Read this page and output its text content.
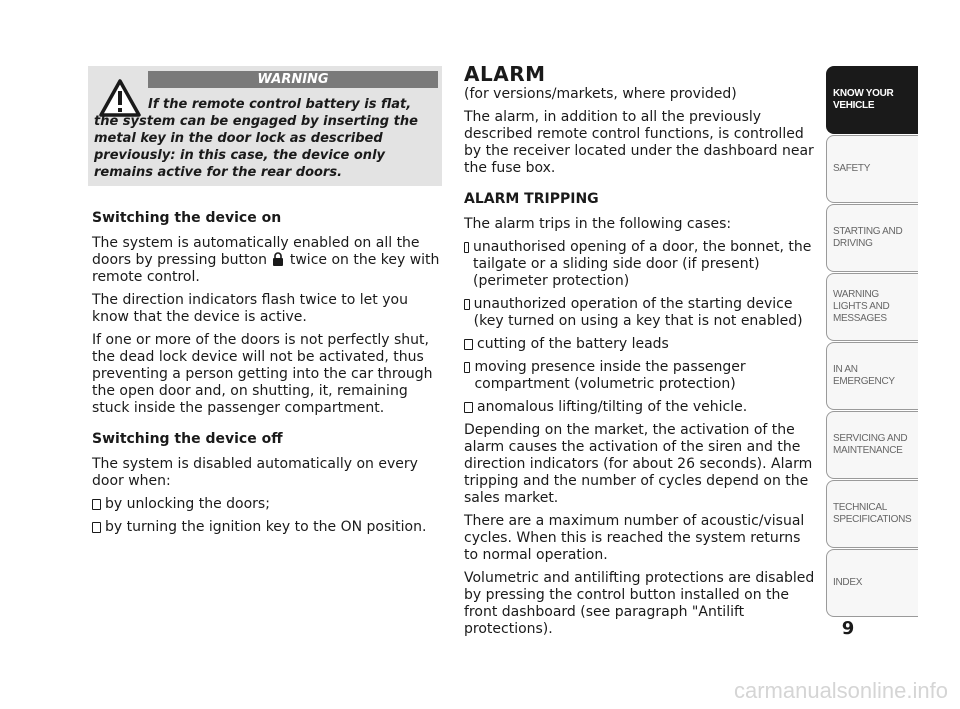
WARNING

If the remote control battery is flat, the system can be engaged by inserting the metal key in the door lock as described previously: in this case, the device only remains active for the rear doors.

Switching the device on

The system is automatically enabled on all the doors by pressing button twice on the key with remote control.

The direction indicators flash twice to let you know that the device is active.

If one or more of the doors is not perfectly shut, the dead lock device will not be activated, thus preventing a person getting into the car through the open door and, on shutting, it, remaining stuck inside the passenger compartment.

Switching the device off

The system is disabled automatically on every door when:

by unlocking the doors;
by turning the ignition key to the ON position.

ALARM

(for versions/markets, where provided)

The alarm, in addition to all the previously described remote control functions, is controlled by the receiver located under the dashboard near the fuse box.

ALARM TRIPPING

The alarm trips in the following cases:

unauthorised opening of a door, the bonnet, the tailgate or a sliding side door (if present) (perimeter protection)
unauthorized operation of the starting device (key turned on using a key that is not enabled)
cutting of the battery leads
moving presence inside the passenger compartment (volumetric protection)
anomalous lifting/tilting of the vehicle.

Depending on the market, the activation of the alarm causes the activation of the siren and the direction indicators (for about 26 seconds). Alarm tripping and the number of cycles depend on the sales market.

There are a maximum number of acoustic/visual cycles. When this is reached the system returns to normal operation.

Volumetric and antilifting protections are disabled by pressing the control button installed on the front dashboard (see paragraph "Antilift protections).

KNOW YOUR VEHICLE
SAFETY
STARTING AND DRIVING
WARNING LIGHTS AND MESSAGES
IN AN EMERGENCY
SERVICING AND MAINTENANCE
TECHNICAL SPECIFICATIONS
INDEX
9
carmanualsonline.info
